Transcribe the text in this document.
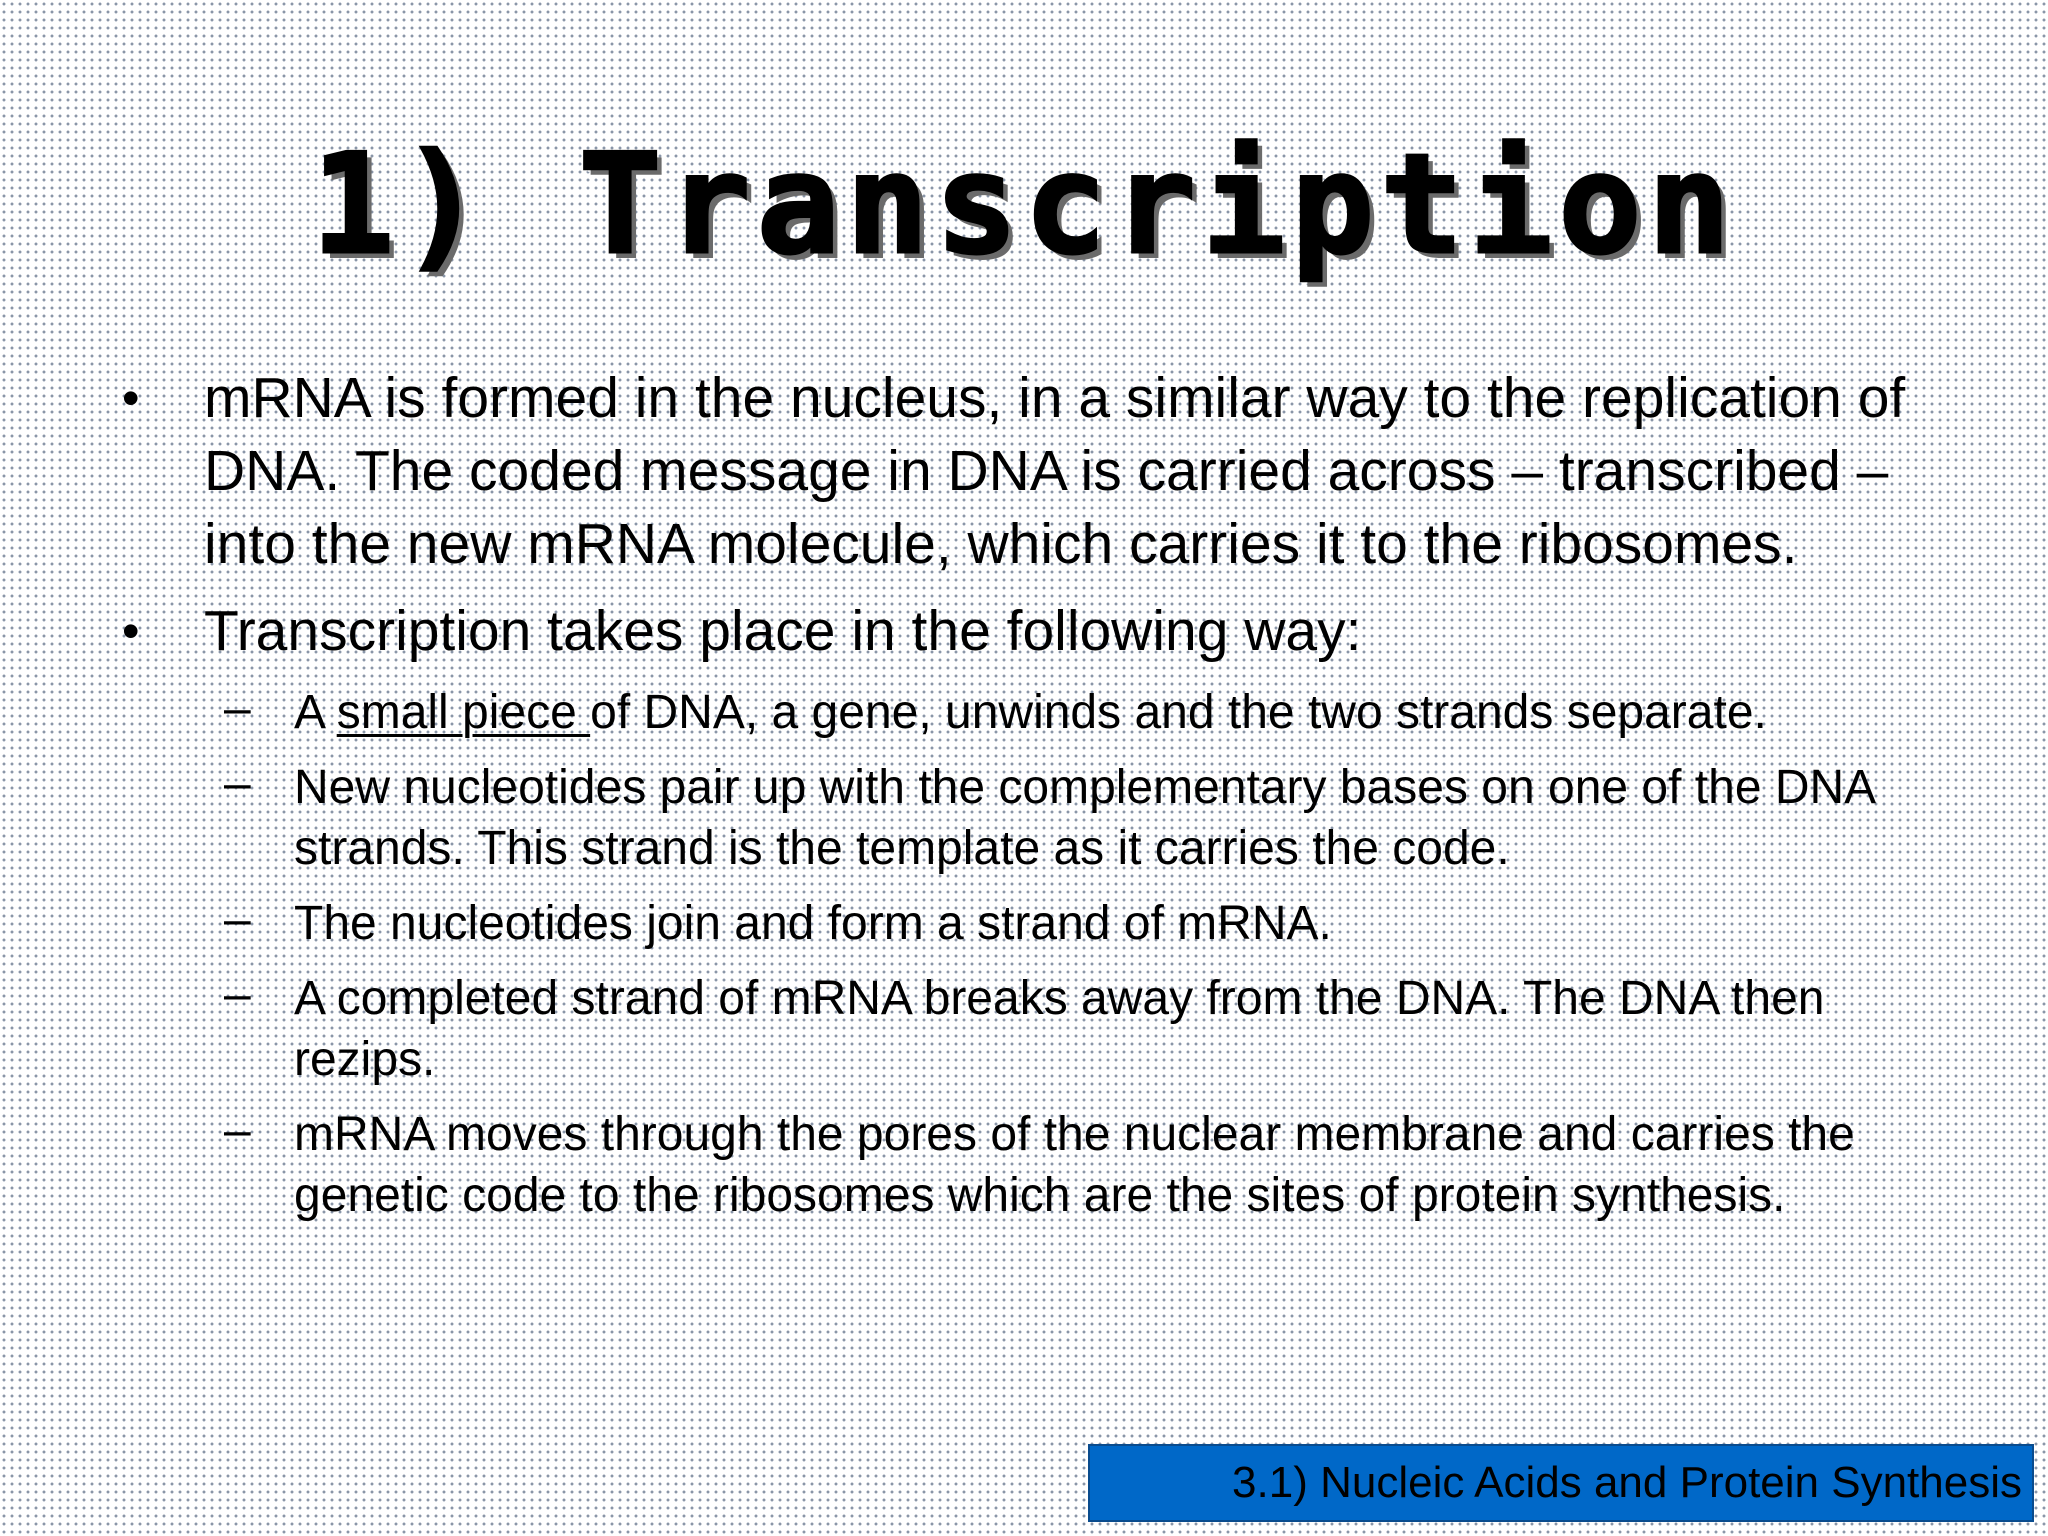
1) Transcription
• mRNA is formed in the nucleus, in a similar way to the replication of DNA. The coded message in DNA is carried across – transcribed – into the new mRNA molecule, which carries it to the ribosomes.
• Transcription takes place in the following way:
– A small piece of DNA, a gene, unwinds and the two strands separate.
– New nucleotides pair up with the complementary bases on one of the DNA strands. This strand is the template as it carries the code.
– The nucleotides join and form a strand of mRNA.
– A completed strand of mRNA breaks away from the DNA. The DNA then rezips.
– mRNA moves through the pores of the nuclear membrane and carries the genetic code to the ribosomes which are the sites of protein synthesis.
3.1) Nucleic Acids and Protein Synthesis
